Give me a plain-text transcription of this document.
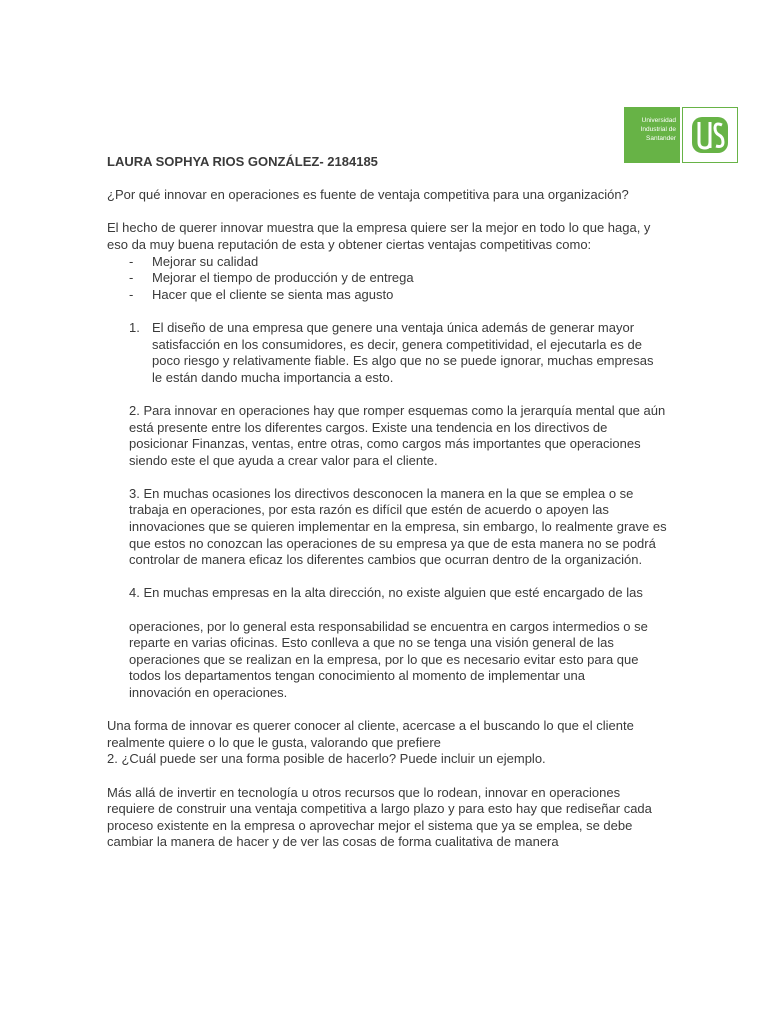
Universidad
Industrial de
Santander

LAURA SOPHYA RIOS GONZÁLEZ- 2184185

¿Por qué innovar en operaciones es fuente de ventaja competitiva para una organización?

El hecho de querer innovar muestra que la empresa quiere ser la mejor en todo lo que haga, y eso da muy buena reputación de esta y obtener ciertas ventajas competitivas como:

- Mejorar su calidad
- Mejorar el tiempo de producción y de entrega
- Hacer que el cliente se sienta mas agusto
1. El diseño de una empresa que genere una ventaja única además de generar mayor satisfacción en los consumidores, es decir, genera competitividad, el ejecutarla es de poco riesgo y relativamente fiable. Es algo que no se puede ignorar, muchas empresas le están dando mucha importancia a esto.

2. Para innovar en operaciones hay que romper esquemas como la jerarquía mental que aún está presente entre los diferentes cargos. Existe una tendencia en los directivos de posicionar Finanzas, ventas, entre otras, como cargos más importantes que operaciones siendo este el que ayuda a crear valor para el cliente.

3. En muchas ocasiones los directivos desconocen la manera en la que se emplea o se trabaja en operaciones, por esta razón es difícil que estén de acuerdo o apoyen las innovaciones que se quieren implementar en la empresa, sin embargo, lo realmente grave es que estos no conozcan las operaciones de su empresa ya que de esta manera no se podrá controlar de manera eficaz los diferentes cambios que ocurran dentro de la organización.

4. En muchas empresas en la alta dirección, no existe alguien que esté encargado de las

operaciones, por lo general esta responsabilidad se encuentra en cargos intermedios o se reparte en varias oficinas. Esto conlleva a que no se tenga una visión general de las operaciones que se realizan en la empresa, por lo que es necesario evitar esto para que todos los departamentos tengan conocimiento al momento de implementar una

innovación en operaciones.

Una forma de innovar es querer conocer al cliente, acercase a el buscando lo que el cliente realmente quiere o lo que le gusta, valorando que prefiere

2. ¿Cuál puede ser una forma posible de hacerlo? Puede incluir un ejemplo.

Más allá de invertir en tecnología u otros recursos que lo rodean, innovar en operaciones requiere de construir una ventaja competitiva a largo plazo y para esto hay que rediseñar cada proceso existente en la empresa o aprovechar mejor el sistema que ya se emplea, se debe cambiar la manera de hacer y de ver las cosas de forma cualitativa de manera
